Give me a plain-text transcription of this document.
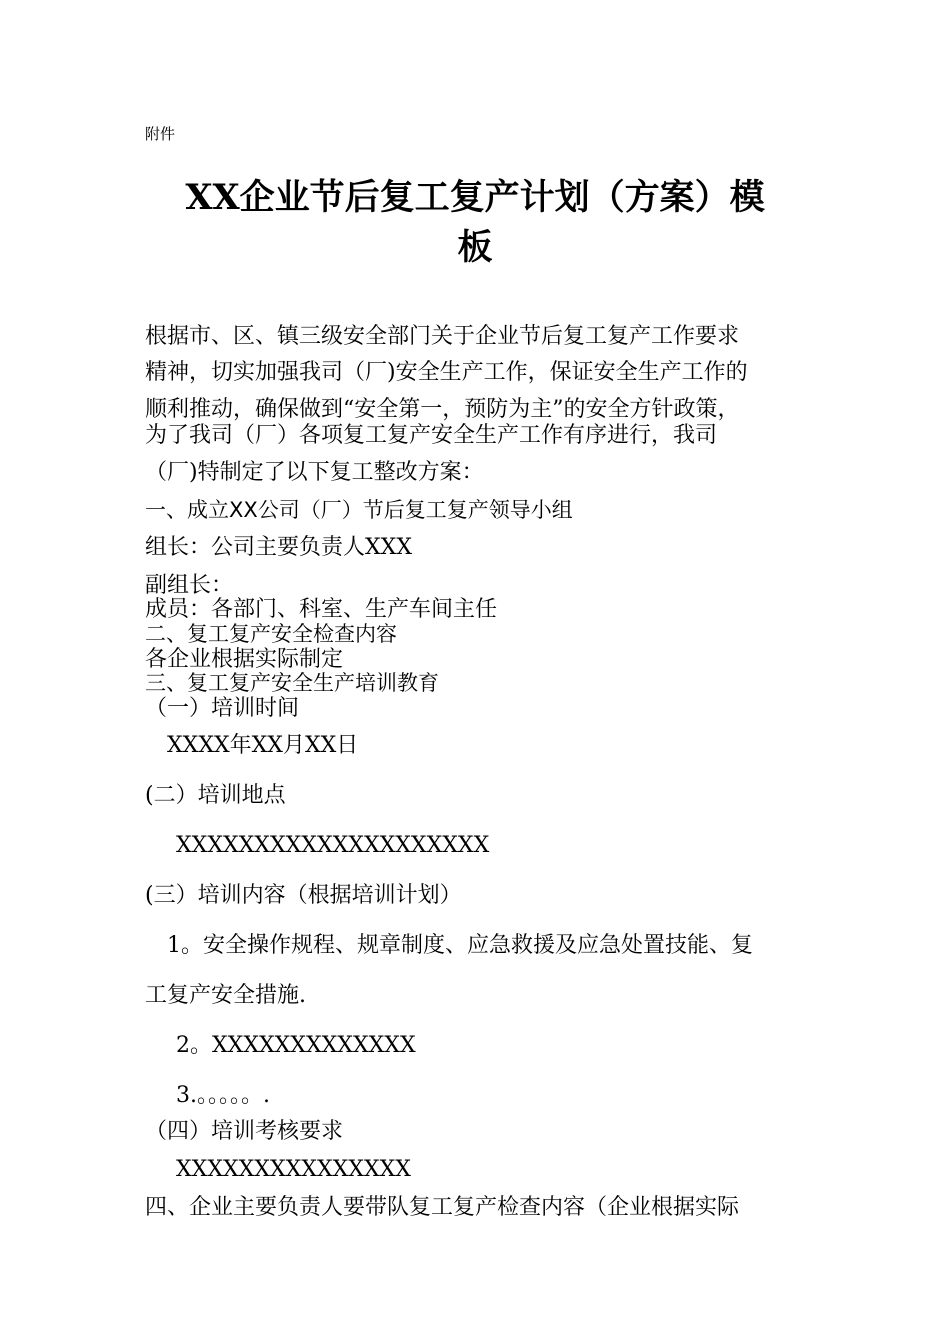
附件
XX企业节后复工复产计划（方案）模
板
根据市、区、镇三级安全部门关于企业节后复工复产工作要求
精神，切实加强我司（厂)安全生产工作，保证安全生产工作的
顺利推动，确保做到“安全第一，预防为主”的安全方针政策，
为了我司（厂）各项复工复产安全生产工作有序进行，我司
（厂)特制定了以下复工整改方案：
一、成立XX公司（厂）节后复工复产领导小组
组长：公司主要负责人XXX
副组长：
成员：各部门、科室、生产车间主任
二、复工复产安全检查内容
各企业根据实际制定
三、复工复产安全生产培训教育
（一）培训时间
XXXX年XX月XX日
(二）培训地点
XXXXXXXXXXXXXXXXXXXX
(三）培训内容（根据培训计划）
1。安全操作规程、规章制度、应急救援及应急处置技能、复
工复产安全措施.
2。XXXXXXXXXXXXX
3.。。。。。.
（四）培训考核要求
XXXXXXXXXXXXXXX
四、企业主要负责人要带队复工复产检查内容（企业根据实际
